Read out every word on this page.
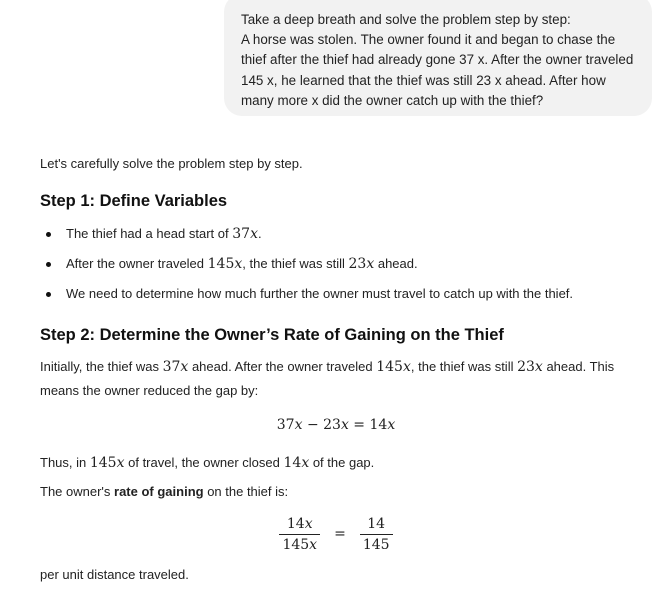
Take a deep breath and solve the problem step by step:

A horse was stolen. The owner found it and began to chase the

thief after the thief had already gone 37 x. After the owner traveled

145 x, he learned that the thief was still 23 x ahead. After how

many more x did the owner catch up with the thief?

Let's carefully solve the problem step by step.
Step 1: Define Variables
The thief had a head start of 37x.
After the owner traveled 145x, the thief was still 23x ahead.
We need to determine how much further the owner must travel to catch up with the thief.
Step 2: Determine the Owner’s Rate of Gaining on the Thief
Initially, the thief was 37x ahead. After the owner traveled 145x, the thief was still 23x ahead. This
means the owner reduced the gap by:
37x − 23x = 14x
Thus, in 145x of travel, the owner closed 14x of the gap.
The owner's rate of gaining on the thief is:
$\frac{14x}{145x} = \frac{14}{145}$
per unit distance traveled.
